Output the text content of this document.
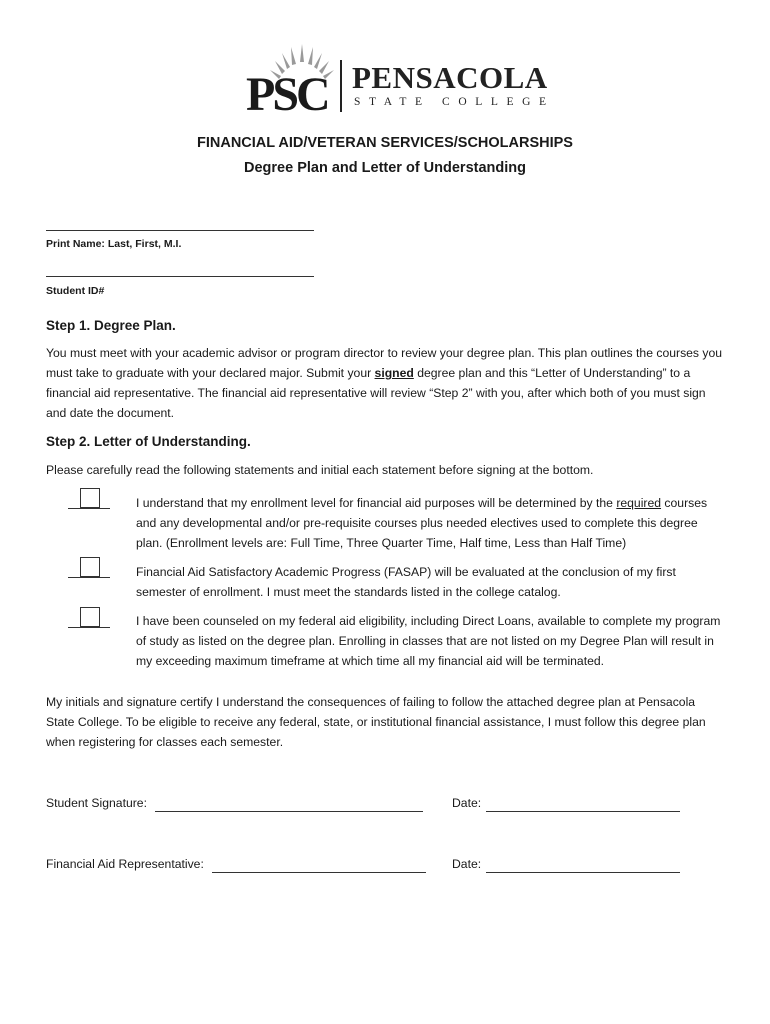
PSC PENSACOLA
STATE COLLEGE
FINANCIAL AID/VETERAN SERVICES/SCHOLARSHIPS
Degree Plan and Letter of Understanding
Print Name: Last, First, M.I.
Student ID#
Step 1. Degree Plan.

You must meet with your academic advisor or program director to review your degree plan. This plan outlines the courses you must take to graduate with your declared major. Submit your signed degree plan and this “Letter of Understanding” to a financial aid representative. The financial aid representative will review “Step 2” with you, after which both of you must sign and date the document.

Step 2. Letter of Understanding.

Please carefully read the following statements and initial each statement before signing at the bottom.

I understand that my enrollment level for financial aid purposes will be determined by the required courses and any developmental and/or pre-requisite courses plus needed electives used to complete this degree plan. (Enrollment levels are: Full Time, Three Quarter Time, Half time, Less than Half Time)

Financial Aid Satisfactory Academic Progress (FASAP) will be evaluated at the conclusion of my first semester of enrollment. I must meet the standards listed in the college catalog.

I have been counseled on my federal aid eligibility, including Direct Loans, available to complete my program of study as listed on the degree plan. Enrolling in classes that are not listed on my Degree Plan will result in my exceeding maximum timeframe at which time all my financial aid will be terminated.

My initials and signature certify I understand the consequences of failing to follow the attached degree plan at Pensacola State College. To be eligible to receive any federal, state, or institutional financial assistance, I must follow this degree plan when registering for classes each semester.

Student Signature:	Date:
Financial Aid Representative:	Date:
